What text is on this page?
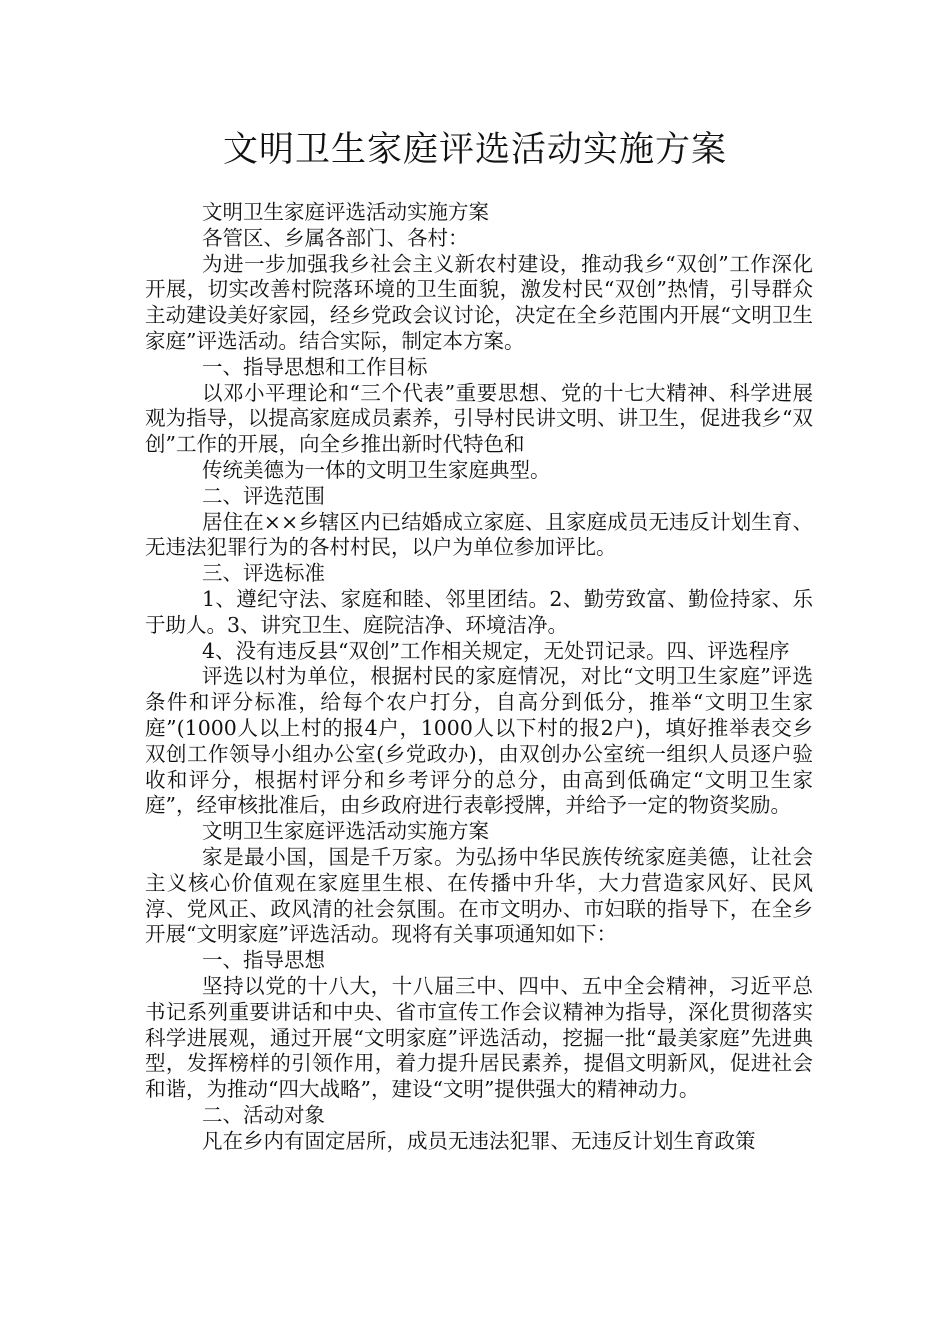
文明卫生家庭评选活动实施方案

文明卫生家庭评选活动实施方案

各管区、乡属各部门、各村：

为进一步加强我乡社会主义新农村建设，推动我乡“双创”工作深化开展，切实改善村院落环境的卫生面貌，激发村民“双创”热情，引导群众主动建设美好家园，经乡党政会议讨论，决定在全乡范围内开展“文明卫生家庭”评选活动。结合实际，制定本方案。

一、指导思想和工作目标

以邓小平理论和“三个代表”重要思想、党的十七大精神、科学进展观为指导，以提高家庭成员素养，引导村民讲文明、讲卫生，促进我乡“双创”工作的开展，向全乡推出新时代特色和

传统美德为一体的文明卫生家庭典型。

二、评选范围

居住在××乡辖区内已结婚成立家庭、且家庭成员无违反计划生育、无违法犯罪行为的各村村民，以户为单位参加评比。

三、评选标准

1、遵纪守法、家庭和睦、邻里团结。2、勤劳致富、勤俭持家、乐于助人。3、讲究卫生、庭院洁净、环境洁净。

4、没有违反县“双创”工作相关规定，无处罚记录。四、评选程序

评选以村为单位，根据村民的家庭情况，对比“文明卫生家庭”评选条件和评分标准，给每个农户打分，自高分到低分，推举“文明卫生家庭”(1000人以上村的报4户，1000人以下村的报2户)，填好推举表交乡双创工作领导小组办公室(乡党政办)，由双创办公室统一组织人员逐户验收和评分，根据村评分和乡考评分的总分，由高到低确定“文明卫生家庭”，经审核批准后，由乡政府进行表彰授牌，并给予一定的物资奖励。

文明卫生家庭评选活动实施方案

家是最小国，国是千万家。为弘扬中华民族传统家庭美德，让社会主义核心价值观在家庭里生根、在传播中升华，大力营造家风好、民风淳、党风正、政风清的社会氛围。在市文明办、市妇联的指导下，在全乡开展“文明家庭”评选活动。现将有关事项通知如下：

一、指导思想

坚持以党的十八大，十八届三中、四中、五中全会精神，习近平总书记系列重要讲话和中央、省市宣传工作会议精神为指导，深化贯彻落实科学进展观，通过开展“文明家庭”评选活动，挖掘一批“最美家庭”先进典型，发挥榜样的引领作用，着力提升居民素养，提倡文明新风，促进社会和谐，为推动“四大战略”，建设“文明”提供强大的精神动力。

二、活动对象

凡在乡内有固定居所，成员无违法犯罪、无违反计划生育政策
